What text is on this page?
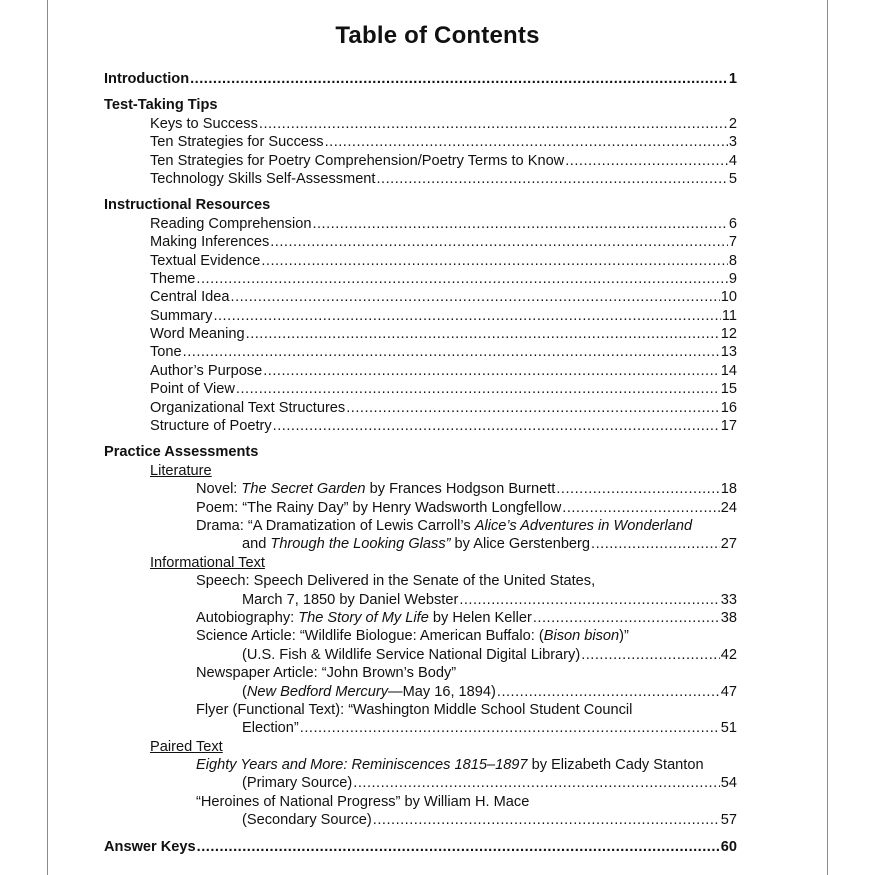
Table of Contents
Introduction .....	1
Test-Taking Tips
Keys to Success .....	2
Ten Strategies for Success .....	3
Ten Strategies for Poetry Comprehension/Poetry Terms to Know .....	4
Technology Skills Self-Assessment .....	5
Instructional Resources
Reading Comprehension .....	6
Making Inferences .....	7
Textual Evidence .....	8
Theme .....	9
Central Idea .....	10
Summary .....	11
Word Meaning .....	12
Tone .....	13
Author’s Purpose .....	14
Point of View .....	15
Organizational Text Structures .....	16
Structure of Poetry .....	17
Practice Assessments
Literature
Novel: The Secret Garden by Frances Hodgson Burnett .....	18
Poem: “The Rainy Day” by Henry Wadsworth Longfellow .....	24
Drama: “A Dramatization of Lewis Carroll’s Alice’s Adventures in Wonderland
and Through the Looking Glass” by Alice Gerstenberg .....	27
Informational Text
Speech: Speech Delivered in the Senate of the United States,
March 7, 1850 by Daniel Webster .....	33
Autobiography: The Story of My Life by Helen Keller .....	38
Science Article: “Wildlife Biologue: American Buffalo: (Bison bison)”
(U.S. Fish & Wildlife Service National Digital Library) .....	42
Newspaper Article: “John Brown’s Body”
(New Bedford Mercury—May 16, 1894) .....	47
Flyer (Functional Text): “Washington Middle School Student Council
Election” .....	51
Paired Text
Eighty Years and More: Reminiscences 1815–1897 by Elizabeth Cady Stanton
(Primary Source) .....	54
“Heroines of National Progress” by William H. Mace
(Secondary Source) .....	57
Answer Keys .....	60
